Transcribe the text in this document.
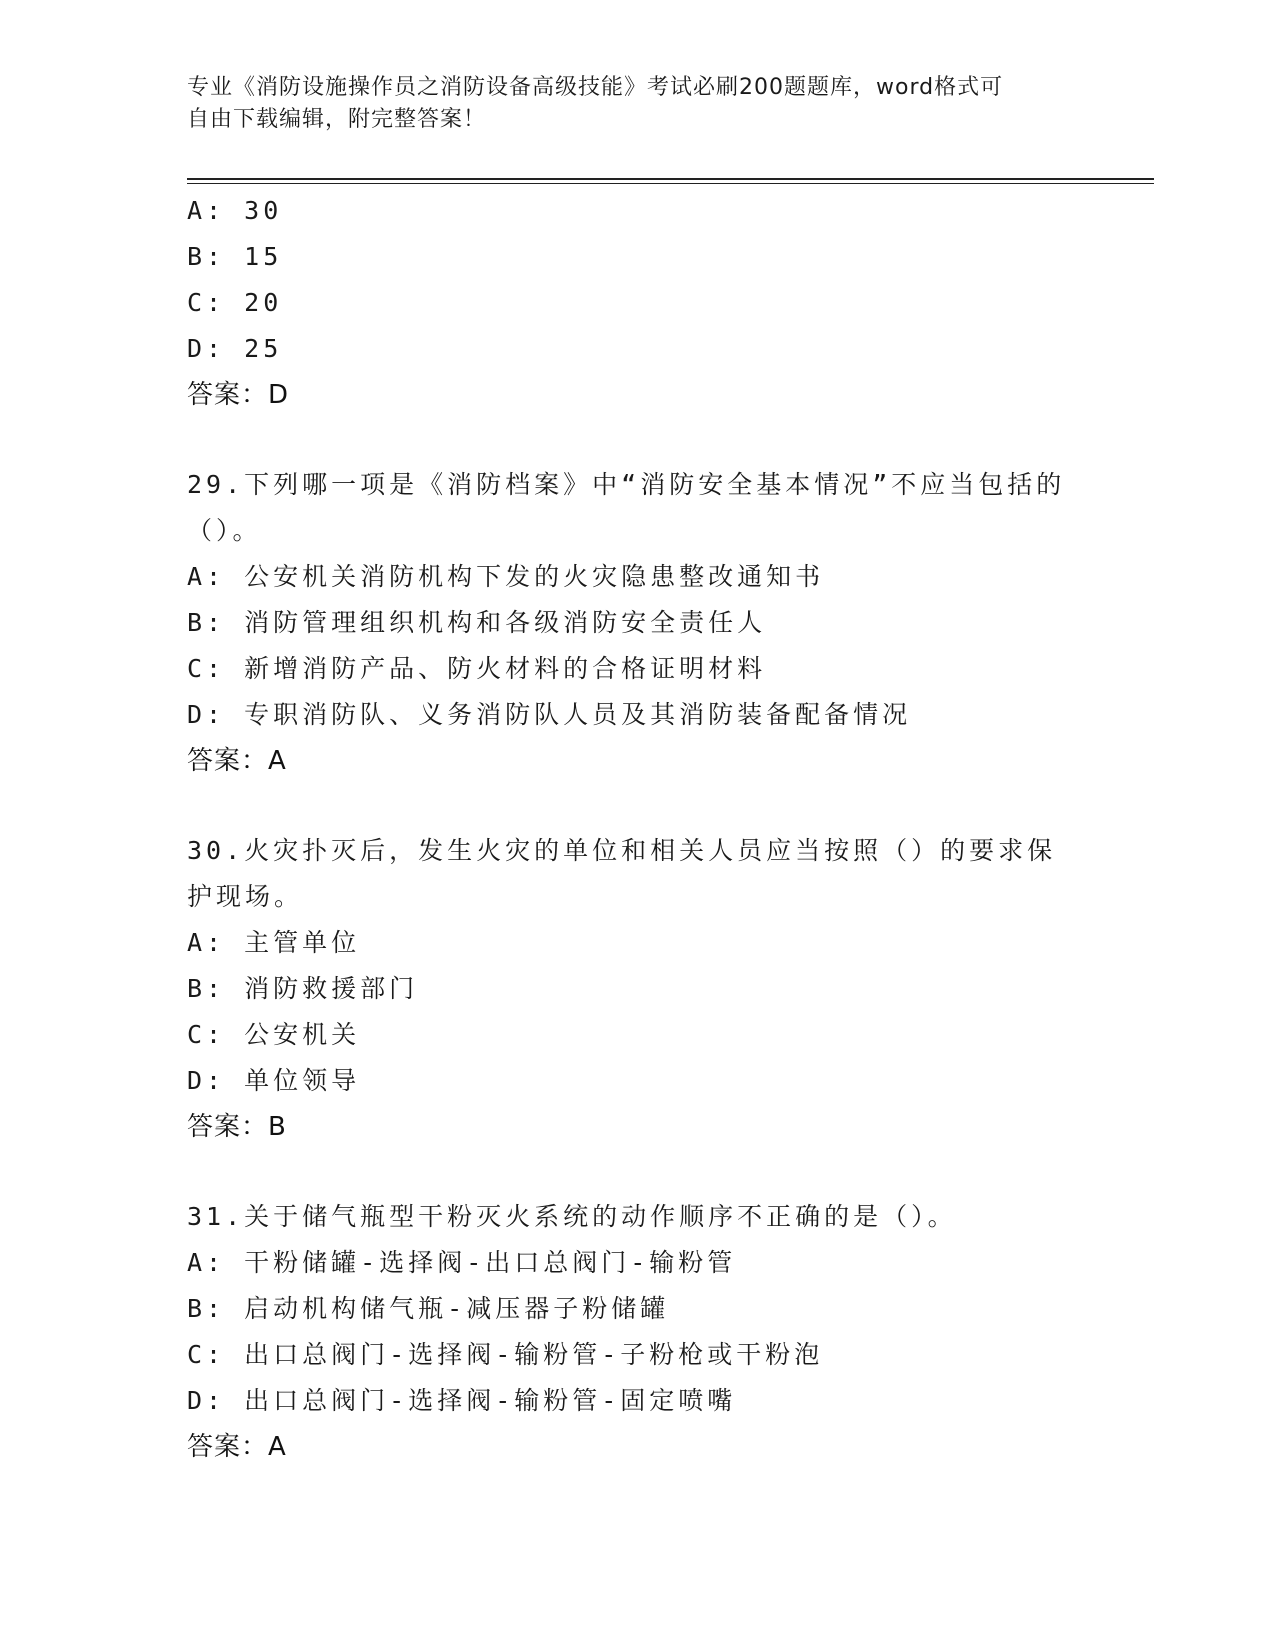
专业《消防设施操作员之消防设备高级技能》考试必刷200题题库，word格式可
自由下载编辑，附完整答案！
A: 30
B: 15
C: 20
D: 25
答案：D
29.下列哪一项是《消防档案》中“消防安全基本情况”不应当包括的（）。
A: 公安机关消防机构下发的火灾隐患整改通知书
B: 消防管理组织机构和各级消防安全责任人
C: 新增消防产品、防火材料的合格证明材料
D: 专职消防队、义务消防队人员及其消防装备配备情况
答案：A
30.火灾扑灭后，发生火灾的单位和相关人员应当按照（）的要求保护现场。
A: 主管单位
B: 消防救援部门
C: 公安机关
D: 单位领导
答案：B
31.关于储气瓶型干粉灭火系统的动作顺序不正确的是（）。
A: 干粉储罐-选择阀-出口总阀门-输粉管
B: 启动机构储气瓶-减压器子粉储罐
C: 出口总阀门-选择阀-输粉管-子粉枪或干粉泡
D: 出口总阀门-选择阀-输粉管-固定喷嘴
答案：A
